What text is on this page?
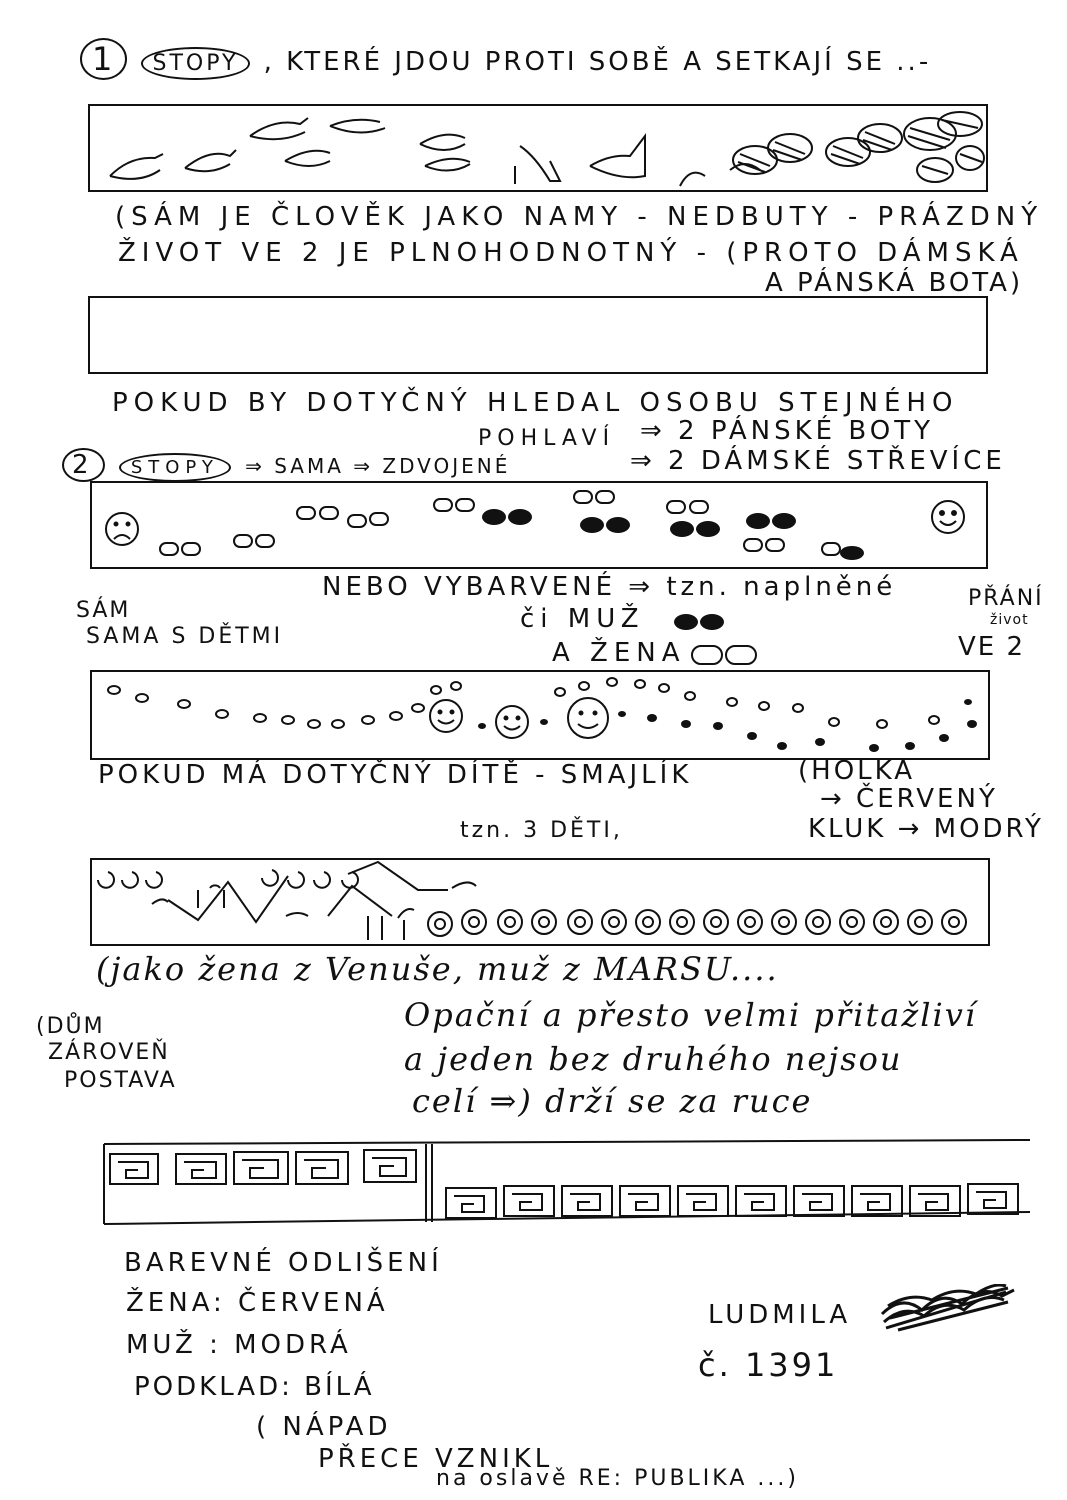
1 STOPY , KTERÉ JDOU PROTI SOBĚ A SETKAJÍ SE ..-
(SÁM JE ČLOVĚK JAKO NAMY - NEDBUTY - PRÁZDNÝ
ŽIVOT VE 2 JE PLNOHODNOTNÝ - (PROTO DÁMSKÁ
A PÁNSKÁ BOTA)
POKUD BY DOTYČNÝ HLEDAL OSOBU STEJNÉHO
POHLAVÍ ⇒ 2 PÁNSKÉ BOTY
2 STOPY ⇒ SAMA ⇒ ZDVOJENÉ	⇒ 2 DÁMSKÉ STŘEVÍCE
NEBO VYBARVENÉ ⇒ tzn. naplněné
či MUŽ
A ŽENA
SÁM
SAMA S DĚTMI
PŘÁNÍ
život
VE 2
POKUD MÁ DOTYČNÝ DÍTĚ - SMAJLÍK	(HOLKA
→ ČERVENÝ
KLUK → MODRÝ
tzn. 3 DĚTI,
(jako žena z Venuše, muž z MARSU....
(DŮM
ZÁROVEŇ
POSTAVA
Opační a přesto velmi přitažliví
a jeden bez druhého nejsou
celí ⇒) drží se za ruce
BAREVNÉ ODLIŠENÍ
ŽENA: ČERVENÁ
MUŽ : MODRÁ
PODKLAD: BÍLÁ
LUDMILA
č. 1391
( NÁPAD
PŘECE VZNIKL
na oslavě RE: PUBLIKA ...)
